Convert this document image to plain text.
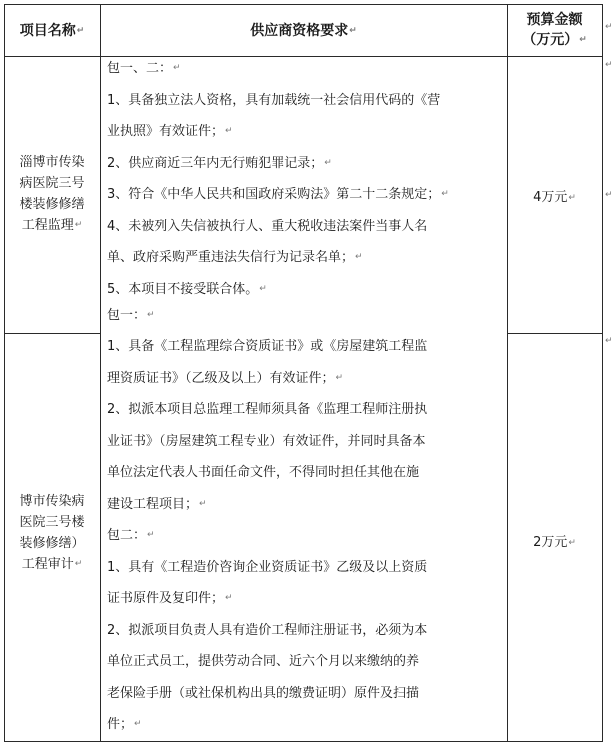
项目名称↵	供应商资格要求↵
预算金额
（万元）↵
↵
淄博市传染
病医院三号
楼装修修缮
工程监理↵
包一、二：↵
1、具备独立法人资格，具有加载统一社会信用代码的《营
业执照》有效证件；↵
2、供应商近三年内无行贿犯罪记录；↵
3、符合《中华人民共和国政府采购法》第二十二条规定；↵
4、未被列入失信被执行人、重大税收违法案件当事人名
单、政府采购严重违法失信行为记录名单；↵
5、本项目不接受联合体。↵
4万元↵
↵
博市传染病
医院三号楼
装修修缮）
工程审计↵
包一：↵
1、具备《工程监理综合资质证书》或《房屋建筑工程监
理资质证书》（乙级及以上）有效证件；↵
2、拟派本项目总监理工程师须具备《监理工程师注册执
业证书》（房屋建筑工程专业）有效证件，并同时具备本
单位法定代表人书面任命文件，不得同时担任其他在施
建设工程项目；↵
包二：↵
1、具有《工程造价咨询企业资质证书》乙级及以上资质
证书原件及复印件；↵
2、拟派项目负责人具有造价工程师注册证书，必须为本
单位正式员工，提供劳动合同、近六个月以来缴纳的养
老保险手册（或社保机构出具的缴费证明）原件及扫描
件；↵
2万元↵
↵
↵
